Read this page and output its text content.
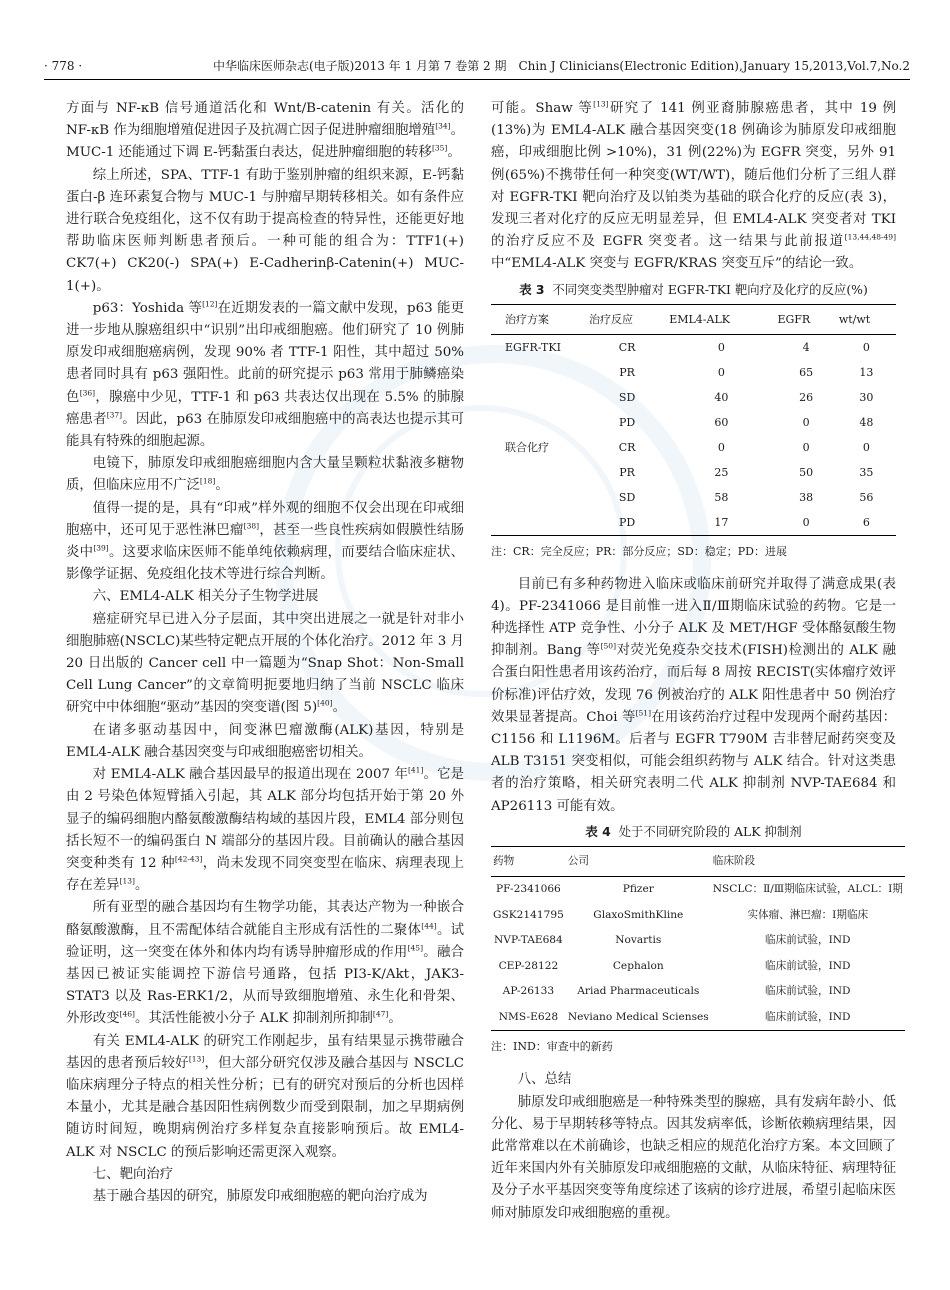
· 778 ·	中华临床医师杂志(电子版)2013 年 1 月第 7 卷第 2 期　Chin J Clinicians(Electronic Edition),January 15,2013,Vol.7,No.2

方面与 NF-κB 信号通道活化和 Wnt/B-catenin 有关。活化的 NF-κB 作为细胞增殖促进因子及抗凋亡因子促进肿瘤细胞增殖[34]。MUC-1 还能通过下调 E-钙黏蛋白表达，促进肿瘤细胞的转移[35]。

综上所述，SPA、TTF-1 有助于鉴别肿瘤的组织来源，E-钙黏蛋白-β 连环素复合物与 MUC-1 与肿瘤早期转移相关。如有条件应进行联合免疫组化，这不仅有助于提高检查的特异性，还能更好地帮助临床医师判断患者预后。一种可能的组合为：TTF1(+) CK7(+) CK20(-) SPA(+) E-Cadherinβ-Catenin(+) MUC-1(+)。

p63：Yoshida 等[12]在近期发表的一篇文献中发现，p63 能更进一步地从腺癌组织中“识别”出印戒细胞癌。他们研究了 10 例肺原发印戒细胞癌病例，发现 90% 者 TTF-1 阳性，其中超过 50% 患者同时具有 p63 强阳性。此前的研究提示 p63 常用于肺鳞癌染色[36]，腺癌中少见，TTF-1 和 p63 共表达仅出现在 5.5% 的肺腺癌患者[37]。因此，p63 在肺原发印戒细胞癌中的高表达也提示其可能具有特殊的细胞起源。

电镜下，肺原发印戒细胞癌细胞内含大量呈颗粒状黏液多糖物质，但临床应用不广泛[18]。

值得一提的是，具有“印戒”样外观的细胞不仅会出现在印戒细胞癌中，还可见于恶性淋巴瘤[38]，甚至一些良性疾病如假膜性结肠炎中[39]。这要求临床医师不能单纯依赖病理，而要结合临床症状、影像学证据、免疫组化技术等进行综合判断。

六、EML4-ALK 相关分子生物学进展

癌症研究早已进入分子层面，其中突出进展之一就是针对非小细胞肺癌(NSCLC)某些特定靶点开展的个体化治疗。2012 年 3 月 20 日出版的 Cancer cell 中一篇题为“Snap Shot：Non-Small Cell Lung Cancer”的文章简明扼要地归纳了当前 NSCLC 临床研究中中体细胞“驱动”基因的突变谱(图 5)[40]。

在诸多驱动基因中，间变淋巴瘤激酶(ALK)基因，特别是 EML4-ALK 融合基因突变与印戒细胞癌密切相关。

对 EML4-ALK 融合基因最早的报道出现在 2007 年[41]。它是由 2 号染色体短臂插入引起，其 ALK 部分均包括开始于第 20 外显子的编码细胞内酪氨酸激酶结构域的基因片段，EML4 部分则包括长短不一的编码蛋白 N 端部分的基因片段。目前确认的融合基因突变种类有 12 种[42-43]，尚未发现不同突变型在临床、病理表现上存在差异[13]。

所有亚型的融合基因均有生物学功能，其表达产物为一种嵌合酪氨酸激酶，且不需配体结合就能自主形成有活性的二聚体[44]。试验证明，这一突变在体外和体内均有诱导肿瘤形成的作用[45]。融合基因已被证实能调控下游信号通路，包括 PI3-K/Akt，JAK3-STAT3 以及 Ras-ERK1/2，从而导致细胞增殖、永生化和骨架、外形改变[46]。其活性能被小分子 ALK 抑制剂所抑制[47]。

有关 EML4-ALK 的研究工作刚起步，虽有结果显示携带融合基因的患者预后较好[13]，但大部分研究仅涉及融合基因与 NSCLC 临床病理分子特点的相关性分析；已有的研究对预后的分析也因样本量小，尤其是融合基因阳性病例数少而受到限制，加之早期病例随访时间短，晚期病例治疗多样复杂直接影响预后。故 EML4-ALK 对 NSCLC 的预后影响还需更深入观察。

七、靶向治疗

基于融合基因的研究，肺原发印戒细胞癌的靶向治疗成为

可能。Shaw 等[13]研究了 141 例亚裔肺腺癌患者，其中 19 例(13%)为 EML4-ALK 融合基因突变(18 例确诊为肺原发印戒细胞癌，印戒细胞比例 >10%)，31 例(22%)为 EGFR 突变，另外 91 例(65%)不携带任何一种突变(WT/WT)，随后他们分析了三组人群对 EGFR-TKI 靶向治疗及以铂类为基础的联合化疗的反应(表 3)，发现三者对化疗的反应无明显差异，但 EML4-ALK 突变者对 TKI 的治疗反应不及 EGFR 突变者。这一结果与此前报道[13,44,48-49]中“EML4-ALK 突变与 EGFR/KRAS 突变互斥”的结论一致。

表 3 不同突变类型肿瘤对 EGFR-TKI 靶向疗及化疗的反应(%)
治疗方案	治疗反应	EML4-ALK	EGFR	wt/wt
EGFR-TKI	CR	0	4	0
	PR	0	65	13
	SD	40	26	30
	PD	60	0	48
联合化疗	CR	0	0	0
	PR	25	50	35
	SD	58	38	56
	PD	17	0	6
注：CR：完全反应；PR：部分反应；SD：稳定；PD：进展

目前已有多种药物进入临床或临床前研究并取得了满意成果(表 4)。PF-2341066 是目前惟一进入Ⅱ/Ⅲ期临床试验的药物。它是一种选择性 ATP 竞争性、小分子 ALK 及 MET/HGF 受体酪氨酸生物抑制剂。Bang 等[50]对荧光免疫杂交技术(FISH)检测出的 ALK 融合蛋白阳性患者用该药治疗，而后每 8 周按 RECIST(实体瘤疗效评价标准)评估疗效，发现 76 例被治疗的 ALK 阳性患者中 50 例治疗效果显著提高。Choi 等[51]在用该药治疗过程中发现两个耐药基因：C1156 和 L1196M。后者与 EGFR T790M 吉非替尼耐药突变及 ALB T3151 突变相似，可能会组织药物与 ALK 结合。针对这类患者的治疗策略，相关研究表明二代 ALK 抑制剂 NVP-TAE684 和 AP26113 可能有效。

表 4 处于不同研究阶段的 ALK 抑制剂
药物	公司	临床阶段
PF-2341066	Pfizer	NSCLC：Ⅱ/Ⅲ期临床试验，ALCL：Ⅰ期
GSK2141795	GlaxoSmithKline	实体瘤、淋巴瘤：Ⅰ期临床
NVP-TAE684	Novartis	临床前试验，IND
CEP-28122	Cephalon	临床前试验，IND
AP-26133	Ariad Pharmaceuticals	临床前试验，IND
NMS-E628	Neviano Medical Scienses	临床前试验，IND
注：IND：审查中的新药
八、总结

肺原发印戒细胞癌是一种特殊类型的腺癌，具有发病年龄小、低分化、易于早期转移等特点。因其发病率低，诊断依赖病理结果，因此常常难以在术前确诊，也缺乏相应的规范化治疗方案。本文回顾了近年来国内外有关肺原发印戒细胞癌的文献，从临床特征、病理特征及分子水平基因突变等角度综述了该病的诊疗进展，希望引起临床医师对肺原发印戒细胞癌的重视。
